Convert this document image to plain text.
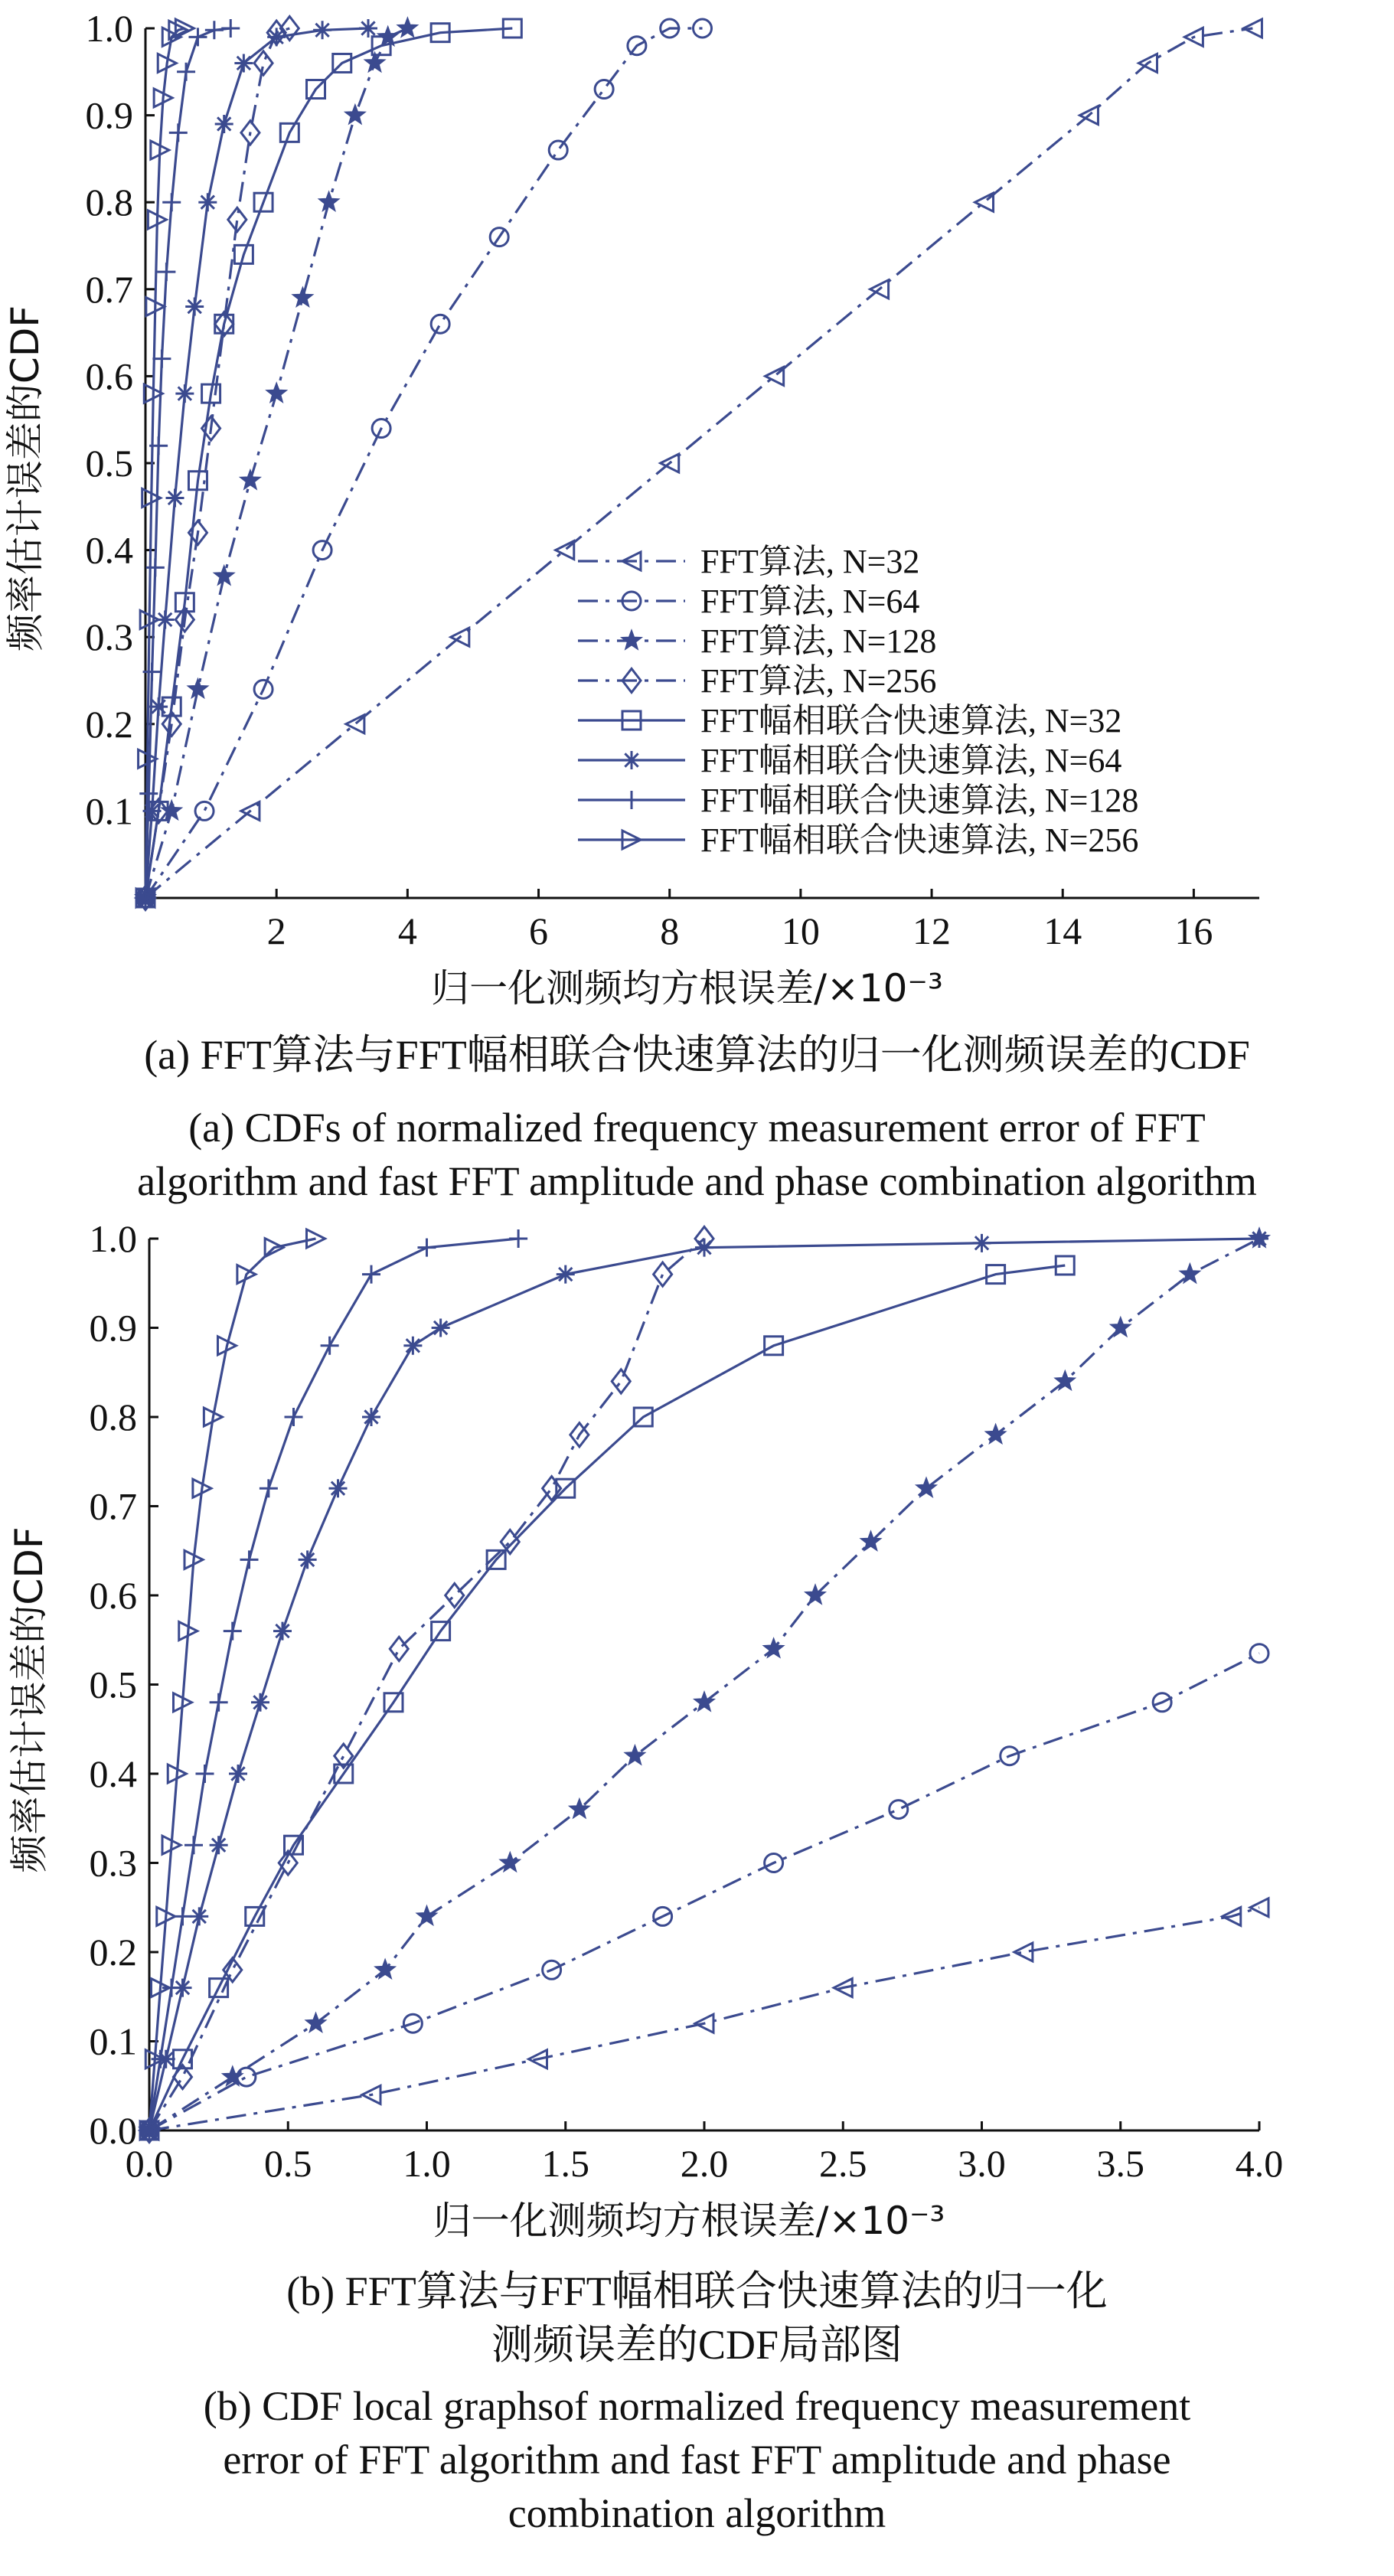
0.1
0.2
0.3
0.4
0.5
0.6
0.7
0.8
0.9
1.0
2	4	6	8	10 12 14 16
归一化测频均方根误差/×10⁻³
频率估计误差的CDF	FFT算法, N=32
FFT算法, N=64
FFT算法, N=128
FFT算法, N=256
FFT幅相联合快速算法, N=32
FFT幅相联合快速算法, N=64
FFT幅相联合快速算法, N=128
FFT幅相联合快速算法, N=256
0.0
0.1
0.2
0.3
0.4
0.5
0.6
0.7
0.8
0.9
1.0
0.0 0.5 1.0 1.5 2.0 2.5 3.0 3.5 4.0
归一化测频均方根误差/×10⁻³
频率估计误差的CDF
(a) FFT算法与FFT幅相联合快速算法的归一化测频误差的CDF
(a) CDFs of normalized frequency measurement error of FFT
algorithm and fast FFT amplitude and phase combination algorithm
(b) FFT算法与FFT幅相联合快速算法的归一化
测频误差的CDF局部图
(b) CDF local graphsof normalized frequency measurement
error of FFT algorithm and fast FFT amplitude and phase
combination algorithm
